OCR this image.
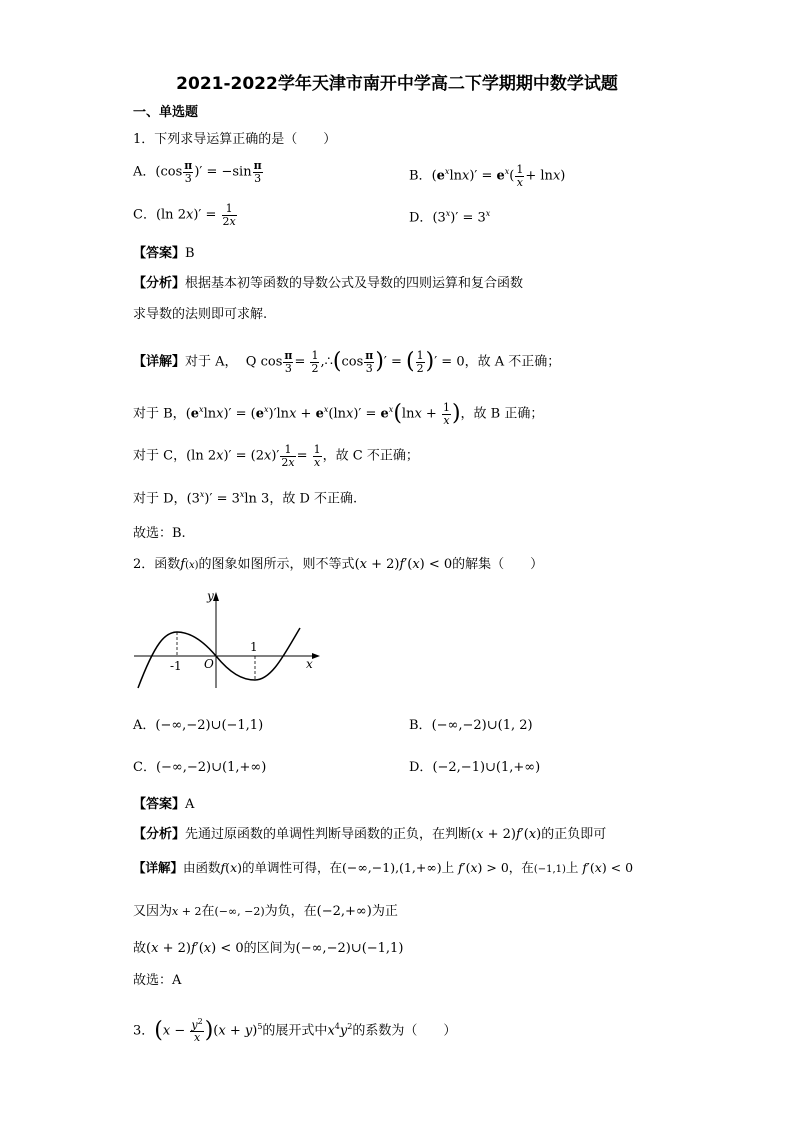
2021-2022学年天津市南开中学高二下学期期中数学试题
一、单选题
1．下列求导运算正确的是（　　）
A．($\cos \frac{\pi}{3}$ )′ = $-\sin \frac{\pi}{3}$	B．$(e^x\ln x)' = e^x( \frac{1}{x} + \ln x)$
C．(ln $2x)' = \frac{1}{2x}$	D．$(3^x)' = 3^x$
【答案】B
【分析】根据基本初等函数的导数公式及导数的四则运算和复合函数
求导数的法则即可求解.
【详解】对于 A，  Q $\cos \frac{\pi}{3} = \frac{1}{2}$ ,∴(cos $\frac{\pi}{3}$ )′ = ( $\frac{1}{2}$ )′ = 0，故 A 不正确；
对于 B，$(e^x\ln x)' = (e^x)'\ln x + e^x(\ln x)' = e^x(\ln x + \frac{1}{x}$ )，故 B 正确；
对于 C，(ln $2x)' = (2x)' \frac{1}{2x} = \frac{1}{x}$ ，故 C 不正确；
对于 D，$(3^x)' = 3^x\ln$ 3，故 D 不正确.
故选：B.
2．函数f(x)的图象如图所示，则不等式(x + 2)f′(x) < 0的解集（　　）
y
x
O
-1
1
A．(−∞,−2)∪(−1,1)	B．(−∞,−2)∪(1, 2)
C．(−∞,−2)∪(1,+∞)	D．(−2,−1)∪(1,+∞)
【答案】A
【分析】先通过原函数的单调性判断导函数的正负，在判断(x + 2)f′(x)的正负即可
【详解】由函数f(x)的单调性可得，在(−∞,−1),(1,+∞)上 f′(x) > 0，在(−1,1)上 f′(x) < 0
又因为x + 2在(−∞, −2)为负，在(−2,+∞)为正
故(x + 2)f′(x) < 0的区间为(−∞,−2)∪(−1,1)
故选：A
3．$(x - \frac{y^2}{x} )(x + y)^5$的展开式中$x^4y^2$的系数为（　　）
